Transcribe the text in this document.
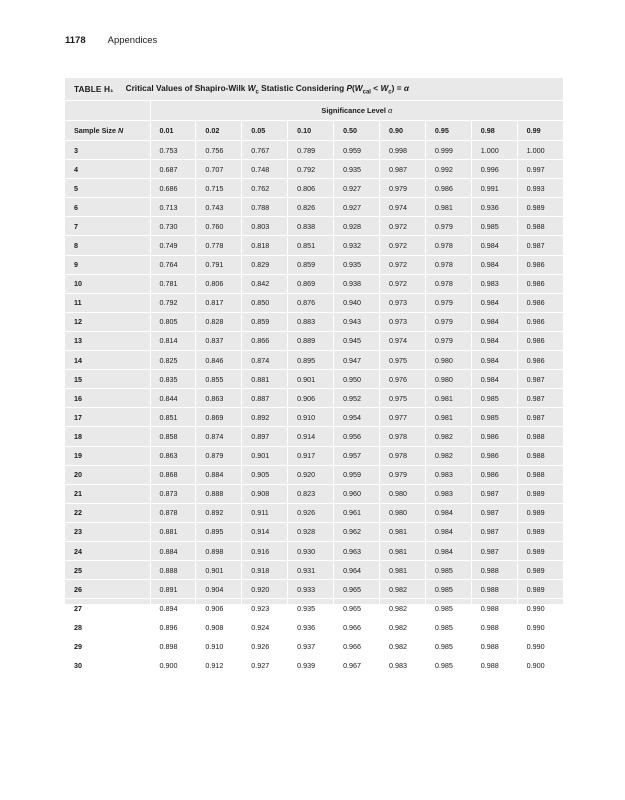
1178 Appendices
TABLE H₁ Critical Values of Shapiro-Wilk $W_c$ Statistic Considering $P(W_{cal} < W_c) = \alpha$
	Significance Level α								
Sample Size N	0.01	0.02	0.05	0.10	0.50	0.90	0.95	0.98	0.99
3	0.753	0.756	0.767	0.789	0.959	0.998	0.999	1.000	1.000
4	0.687	0.707	0.748	0.792	0.935	0.987	0.992	0.996	0.997
5	0.686	0.715	0.762	0.806	0.927	0.979	0.986	0.991	0.993
6	0.713	0.743	0.788	0.826	0.927	0.974	0.981	0.936	0.989
7	0.730	0.760	0.803	0.838	0.928	0.972	0.979	0.985	0.988
8	0.749	0.778	0.818	0.851	0.932	0.972	0.978	0.984	0.987
9	0.764	0.791	0.829	0.859	0.935	0.972	0.978	0.984	0.986
10	0.781	0.806	0.842	0.869	0.938	0.972	0.978	0.983	0.986
11	0.792	0.817	0.850	0.876	0.940	0.973	0.979	0.984	0.986
12	0.805	0.828	0.859	0.883	0.943	0.973	0.979	0.984	0.986
13	0.814	0.837	0.866	0.889	0.945	0.974	0.979	0.984	0.986
14	0.825	0.846	0.874	0.895	0.947	0.975	0.980	0.984	0.986
15	0.835	0.855	0.881	0.901	0.950	0.976	0.980	0.984	0.987
16	0.844	0.863	0.887	0.906	0.952	0.975	0.981	0.985	0.987
17	0.851	0.869	0.892	0.910	0.954	0.977	0.981	0.985	0.987
18	0.858	0.874	0.897	0.914	0.956	0.978	0.982	0.986	0.988
19	0.863	0.879	0.901	0.917	0.957	0.978	0.982	0.986	0.988
20	0.868	0.884	0.905	0.920	0.959	0.979	0.983	0.986	0.988
21	0.873	0.888	0.908	0.823	0.960	0.980	0.983	0.987	0.989
22	0.878	0.892	0.911	0.926	0.961	0.980	0.984	0.987	0.989
23	0.881	0.895	0.914	0.928	0.962	0.981	0.984	0.987	0.989
24	0.884	0.898	0.916	0.930	0.963	0.981	0.984	0.987	0.989
25	0.888	0.901	0.918	0.931	0.964	0.981	0.985	0.988	0.989
26	0.891	0.904	0.920	0.933	0.965	0.982	0.985	0.988	0.989
27	0.894	0.906	0.923	0.935	0.965	0.982	0.985	0.988	0.990
28	0.896	0.908	0.924	0.936	0.966	0.982	0.985	0.988	0.990
29	0.898	0.910	0.926	0.937	0.966	0.982	0.985	0.988	0.990
30	0.900	0.912	0.927	0.939	0.967	0.983	0.985	0.988	0.900
